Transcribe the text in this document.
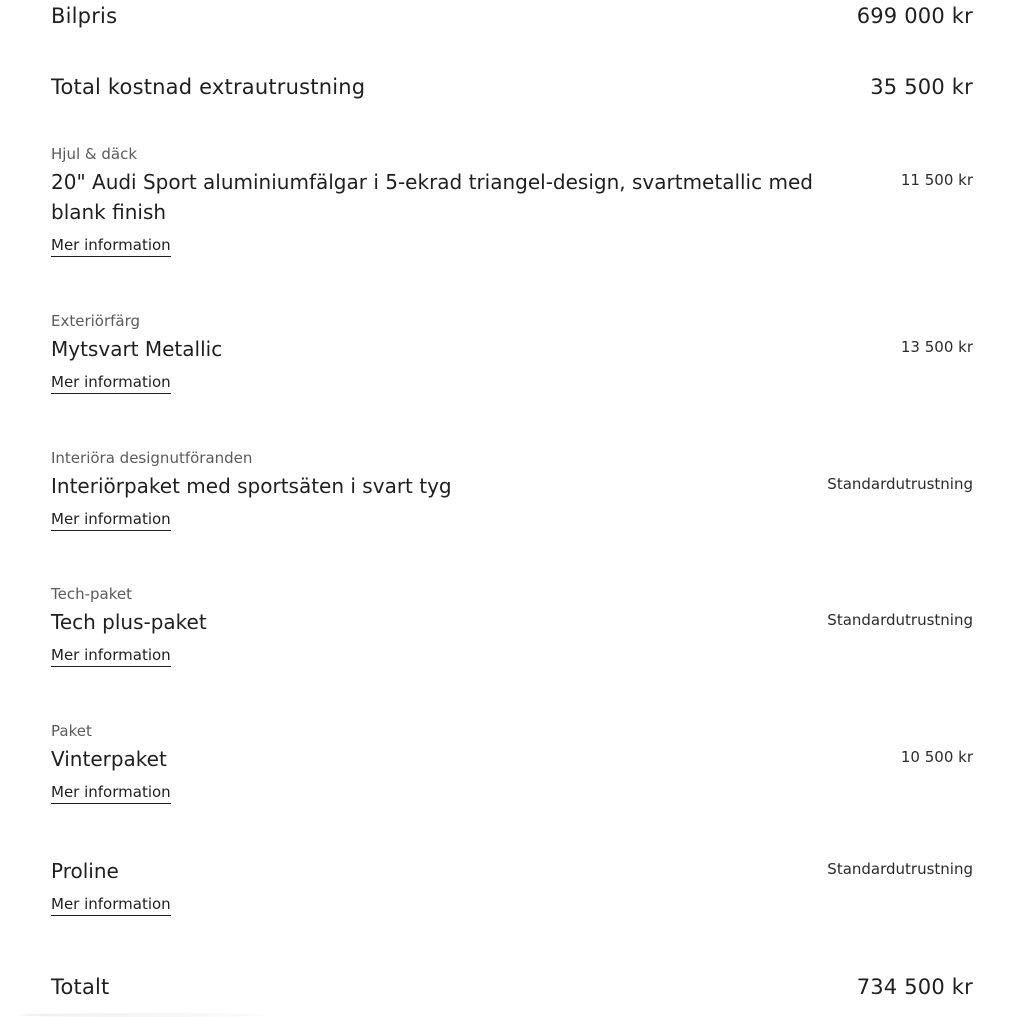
Bilpris	699 000 kr
Total kostnad extrautrustning	35 500 kr

Hjul & däck

20" Audi Sport aluminiumfälgar i 5-ekrad triangel-design, svartmetallic med blank finish
11 500 kr
Mer information

Exteriörfärg

Mytsvart Metallic	13 500 kr
Mer information

Interiöra designutföranden

Interiörpaket med sportsäten i svart tyg	Standardutrustning
Mer information

Tech-paket

Tech plus-paket	Standardutrustning
Mer information

Paket

Vinterpaket	10 500 kr
Mer information
Proline	Standardutrustning
Mer information
Totalt	734 500 kr
